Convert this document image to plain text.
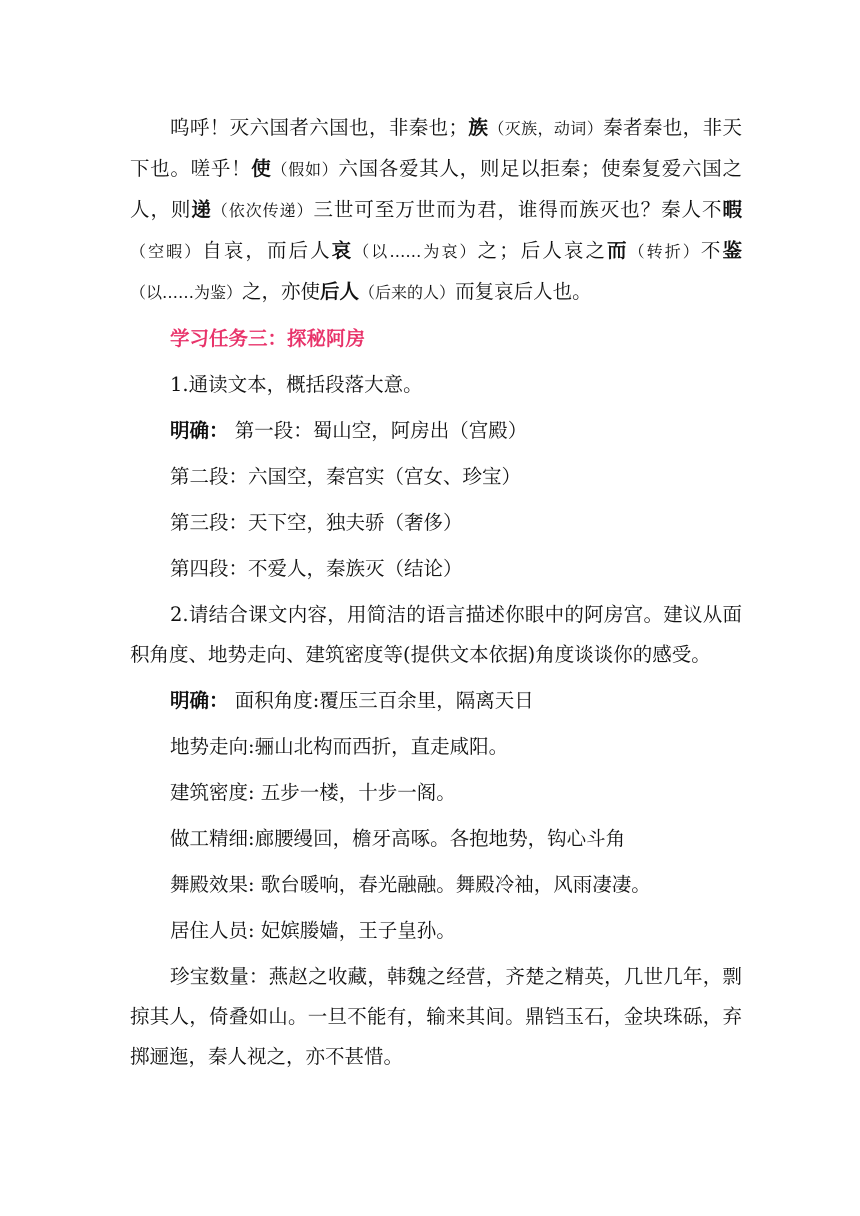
呜呼！灭六国者六国也，非秦也；族（灭族，动词）秦者秦也，非天下也。嗟乎！使（假如）六国各爱其人，则足以拒秦；使秦复爱六国之人，则递（依次传递）三世可至万世而为君，谁得而族灭也？秦人不暇（空暇）自哀，而后人哀（以……为哀）之；后人哀之而（转折）不鉴（以……为鉴）之，亦使后人（后来的人）而复哀后人也。

学习任务三：探秘阿房

1.通读文本，概括段落大意。

明确： 第一段：蜀山空，阿房出（宫殿）

第二段：六国空，秦宫实（宫女、珍宝）

第三段：天下空，独夫骄（奢侈）

第四段：不爱人，秦族灭（结论）

2.请结合课文内容，用简洁的语言描述你眼中的阿房宫。建议从面积角度、地势走向、建筑密度等(提供文本依据)角度谈谈你的感受。

明确： 面积角度:覆压三百余里，隔离天日

地势走向:骊山北构而西折，直走咸阳。

建筑密度: 五步一楼，十步一阁。

做工精细:廊腰缦回，檐牙高啄。各抱地势，钩心斗角

舞殿效果: 歌台暖响，春光融融。舞殿冷袖，风雨凄凄。

居住人员: 妃嫔媵嫱，王子皇孙。

珍宝数量：燕赵之收藏，韩魏之经营，齐楚之精英，几世几年，剽掠其人，倚叠如山。一旦不能有，输来其间。鼎铛玉石，金块珠砾，弃掷逦迤，秦人视之，亦不甚惜。
